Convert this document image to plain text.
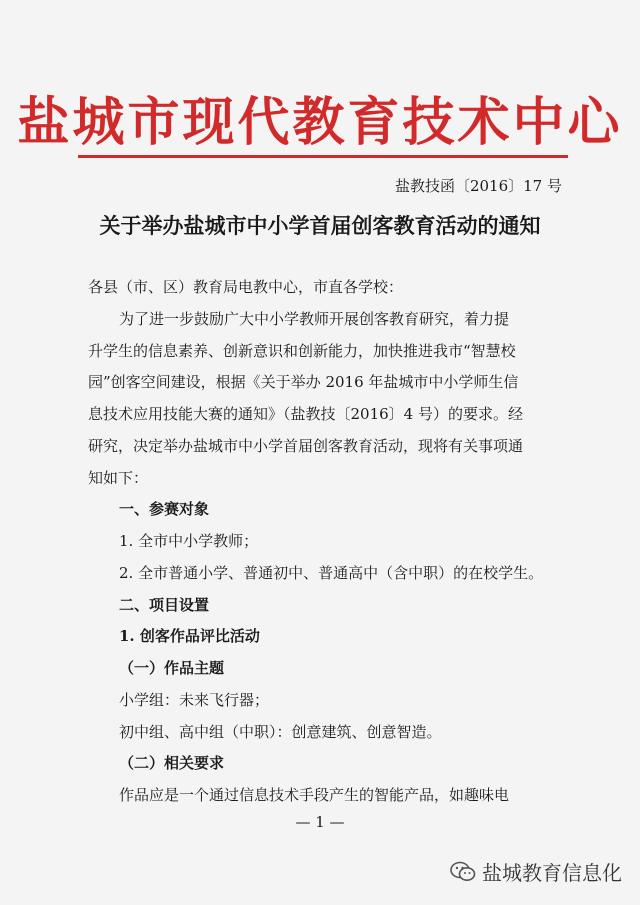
盐城市现代教育技术中心
盐教技函〔2016〕17 号
关于举办盐城市中小学首届创客教育活动的通知
各县（市、区）教育局电教中心，市直各学校：
为了进一步鼓励广大中小学教师开展创客教育研究，着力提
升学生的信息素养、创新意识和创新能力，加快推进我市“智慧校
园”创客空间建设，根据《关于举办 2016 年盐城市中小学师生信
息技术应用技能大赛的通知》（盐教技〔2016〕4 号）的要求。经
研究，决定举办盐城市中小学首届创客教育活动，现将有关事项通
知如下：
一、参赛对象
1. 全市中小学教师；
2. 全市普通小学、普通初中、普通高中（含中职）的在校学生。
二、项目设置
1. 创客作品评比活动
（一）作品主题
小学组：未来飞行器；
初中组、高中组（中职）：创意建筑、创意智造。
（二）相关要求
作品应是一个通过信息技术手段产生的智能产品，如趣味电
— 1 —
盐城教育信息化
